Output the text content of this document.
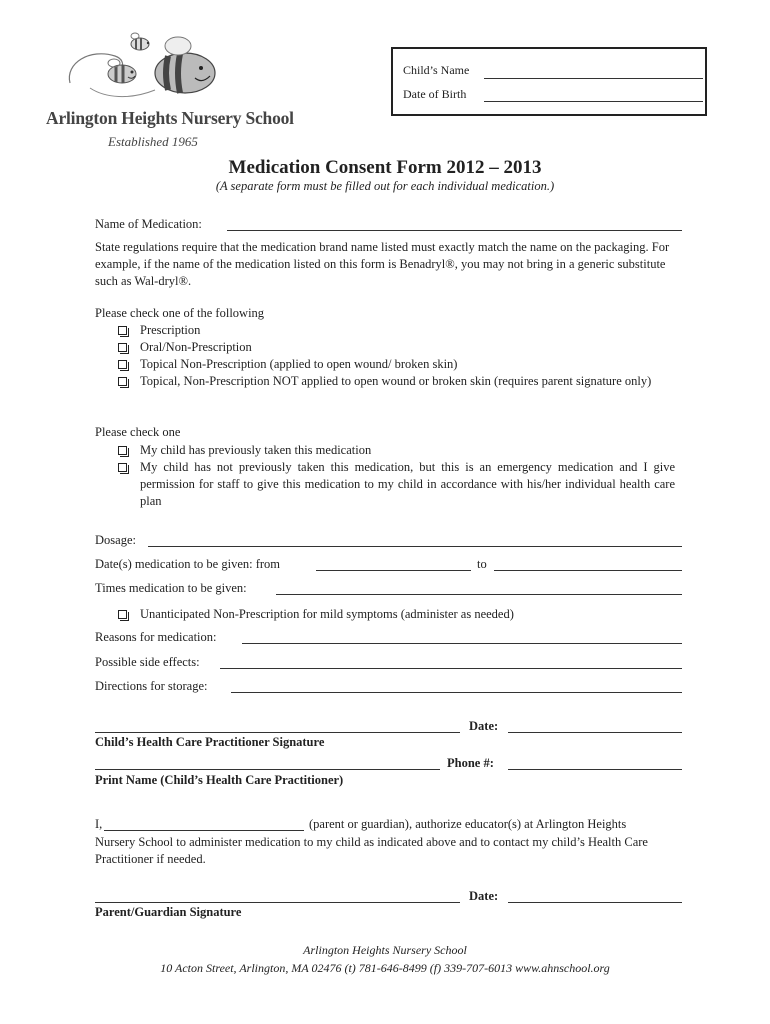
Arlington Heights Nursery School
Established 1965
Child’s Name
Date of Birth
Medication Consent Form 2012 – 2013
(A separate form must be filled out for each individual medication.)
Name of Medication:
State regulations require that the medication brand name listed must exactly match the name on the packaging. For example, if the name of the medication listed on this form is Benadryl®, you may not bring in a generic substitute such as Wal-dryl®.
Please check one of the following
Prescription
Oral/Non-Prescription
Topical Non-Prescription (applied to open wound/ broken skin)
Topical, Non-Prescription NOT applied to open wound or broken skin (requires parent signature only)
Please check one
My child has previously taken this medication
My child has not previously taken this medication, but this is an emergency medication and I give permission for staff to give this medication to my child in accordance with his/her individual health care plan
Dosage:
Date(s) medication to be given: from	to
Times medication to be given:
Unanticipated Non-Prescription for mild symptoms (administer as needed)
Reasons for medication:
Possible side effects:
Directions for storage:
Date:
Child’s Health Care Practitioner Signature
Phone #:
Print Name (Child’s Health Care Practitioner)
I,	(parent or guardian), authorize educator(s) at Arlington Heights
Nursery School to administer medication to my child as indicated above and to contact my child’s Health Care Practitioner if needed.
Date:
Parent/Guardian Signature
Arlington Heights Nursery School
10 Acton Street, Arlington, MA 02476 (t) 781-646-8499 (f) 339-707-6013 www.ahnschool.org
